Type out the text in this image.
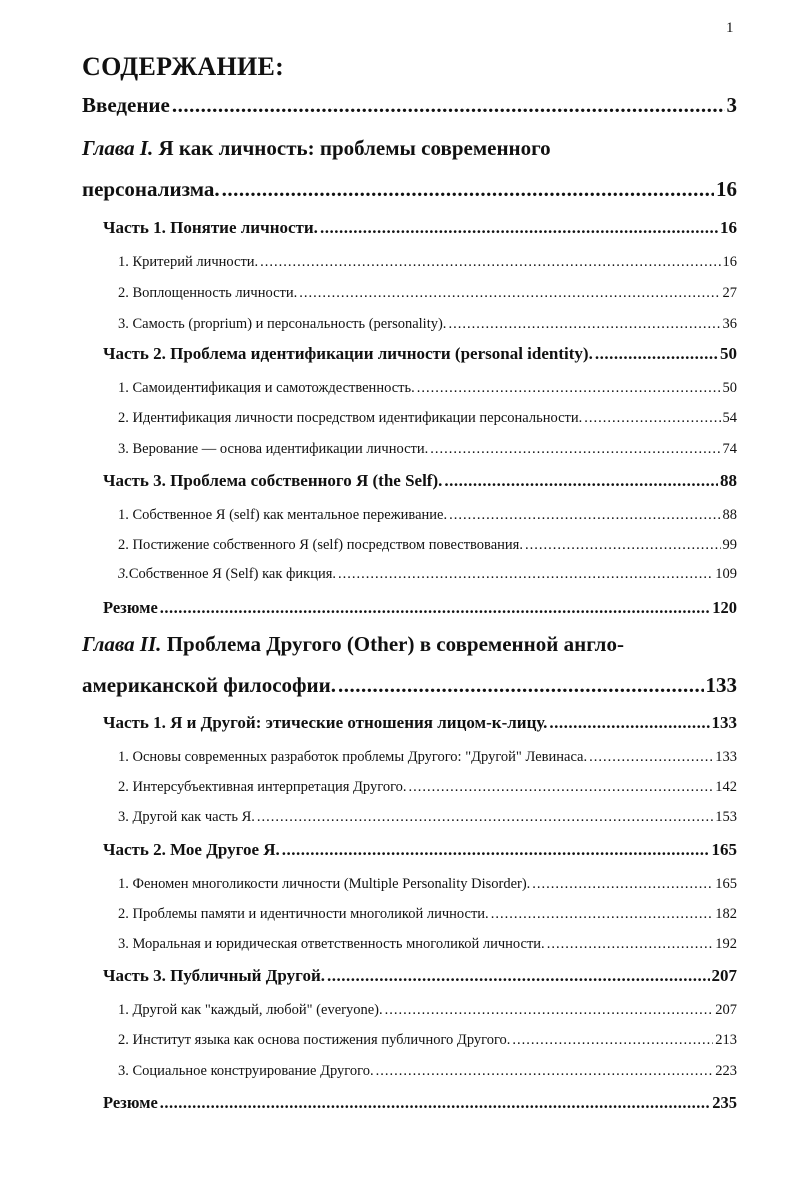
1
СОДЕРЖАНИЕ:
Введение .....	3
Глава I. Я как личность: проблемы современного
персонализма. .....	16
Часть 1. Понятие личности. .....	16
1. Критерий личности. .....	16
2. Воплощенность личности. .....	27
3. Самость (proprium) и персональность (personality). .....	36
Часть 2. Проблема идентификации личности (personal identity). .....	50
1. Самоидентификация и самотождественность. .....	50
2. Идентификация личности посредством идентификации персональности. .....	54
3. Верование — основа идентификации личности. .....	74
Часть 3. Проблема собственного Я (the Self). .....	88
1. Собственное Я (self) как ментальное переживание. .....	88
2. Постижение собственного Я (self) посредством повествования. .....	99
3.Собственное Я (Self) как фикция. .....	109
Резюме .....	120
Глава II. Проблема Другого (Other) в современной англо-
американской философии. .....	133
Часть 1. Я и Другой: этические отношения лицом-к-лицу. .....	133
1. Основы современных разработок проблемы Другого: "Другой" Левинаса. .....	133
2. Интерсубъективная интерпретация Другого. .....	142
3. Другой как часть Я. .....	153
Часть 2. Мое Другое Я. .....	165
1. Феномен многоликости личности (Multiple Personality Disorder). .....	165
2. Проблемы памяти и идентичности многоликой личности. .....	182
3. Моральная и юридическая ответственность многоликой личности. .....	192
Часть 3. Публичный Другой. .....	207
1. Другой как "каждый, любой" (everyone). .....	207
2. Институт языка как основа постижения публичного Другого. .....	213
3. Социальное конструирование Другого. .....	223
Резюме .....	235
